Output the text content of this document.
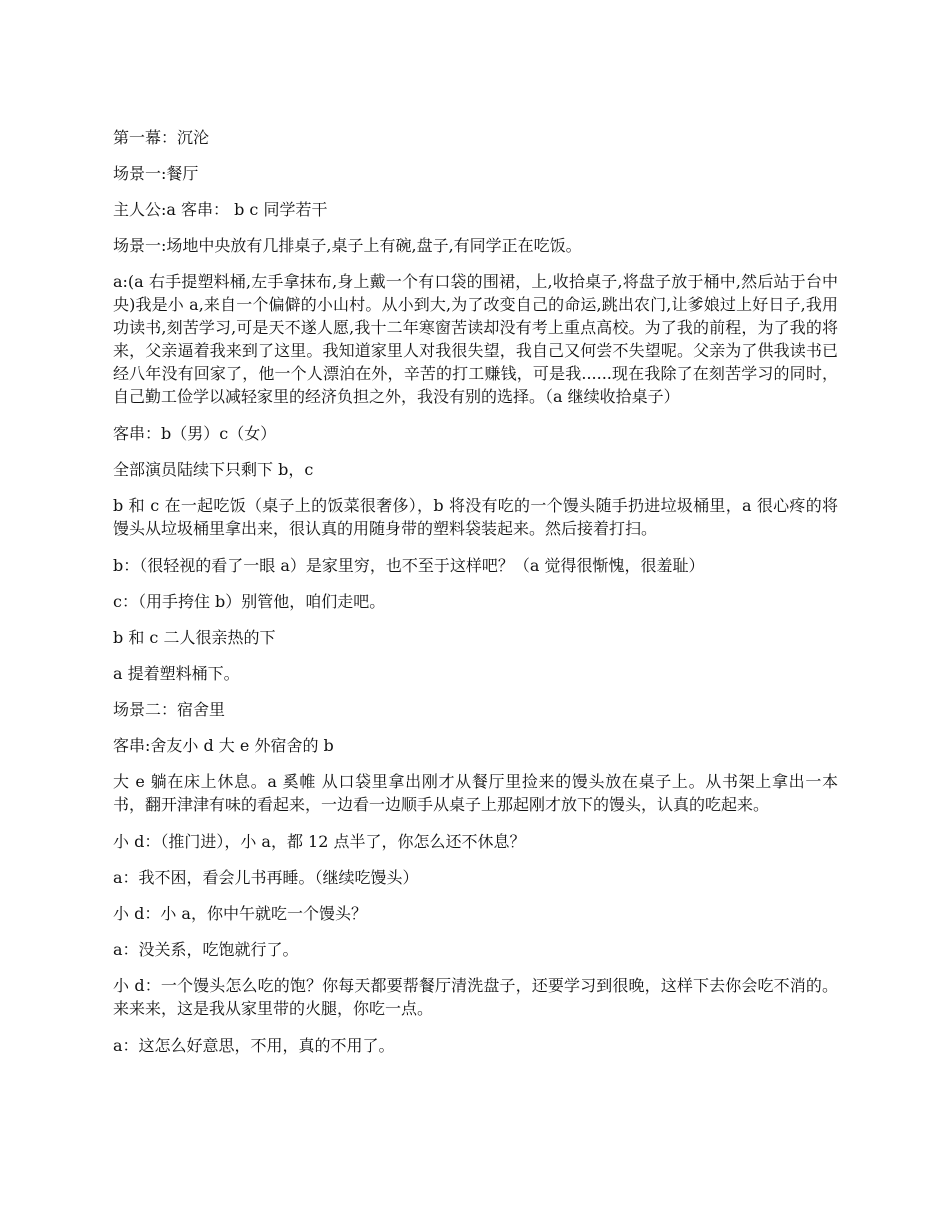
第一幕：沉沦

场景一:餐厅

主人公:a 客串： b c 同学若干

场景一:场地中央放有几排桌子,桌子上有碗,盘子,有同学正在吃饭。

a:(a 右手提塑料桶,左手拿抹布,身上戴一个有口袋的围裙，上,收拾桌子,将盘子放于桶中,然后站于台中央)我是小 a,来自一个偏僻的小山村。从小到大,为了改变自己的命运,跳出农门,让爹娘过上好日子,我用功读书,刻苦学习,可是天不遂人愿,我十二年寒窗苦读却没有考上重点高校。为了我的前程，为了我的将来，父亲逼着我来到了这里。我知道家里人对我很失望，我自己又何尝不失望呢。父亲为了供我读书已经八年没有回家了，他一个人漂泊在外，辛苦的打工赚钱，可是我......现在我除了在刻苦学习的同时，自己勤工俭学以减轻家里的经济负担之外，我没有别的选择。（a 继续收拾桌子）

客串：b（男）c（女）

全部演员陆续下只剩下 b，c

b 和 c 在一起吃饭（桌子上的饭菜很奢侈），b 将没有吃的一个馒头随手扔进垃圾桶里，a 很心疼的将馒头从垃圾桶里拿出来，很认真的用随身带的塑料袋装起来。然后接着打扫。

b：（很轻视的看了一眼 a）是家里穷，也不至于这样吧？（a 觉得很惭愧，很羞耻）

c：（用手挎住 b）别管他，咱们走吧。

b 和 c 二人很亲热的下

a 提着塑料桶下。

场景二：宿舍里

客串:舍友小 d 大 e 外宿舍的 b

大 e 躺在床上休息。a 奚帷 从口袋里拿出刚才从餐厅里捡来的馒头放在桌子上。从书架上拿出一本书，翻开津津有味的看起来，一边看一边顺手从桌子上那起刚才放下的馒头，认真的吃起来。

小 d：（推门进），小 a，都 12 点半了，你怎么还不休息？

a：我不困，看会儿书再睡。（继续吃馒头）

小 d：小 a，你中午就吃一个馒头？

a：没关系，吃饱就行了。

小 d：一个馒头怎么吃的饱？你每天都要帮餐厅清洗盘子，还要学习到很晚，这样下去你会吃不消的。来来来，这是我从家里带的火腿，你吃一点。

a：这怎么好意思，不用，真的不用了。
